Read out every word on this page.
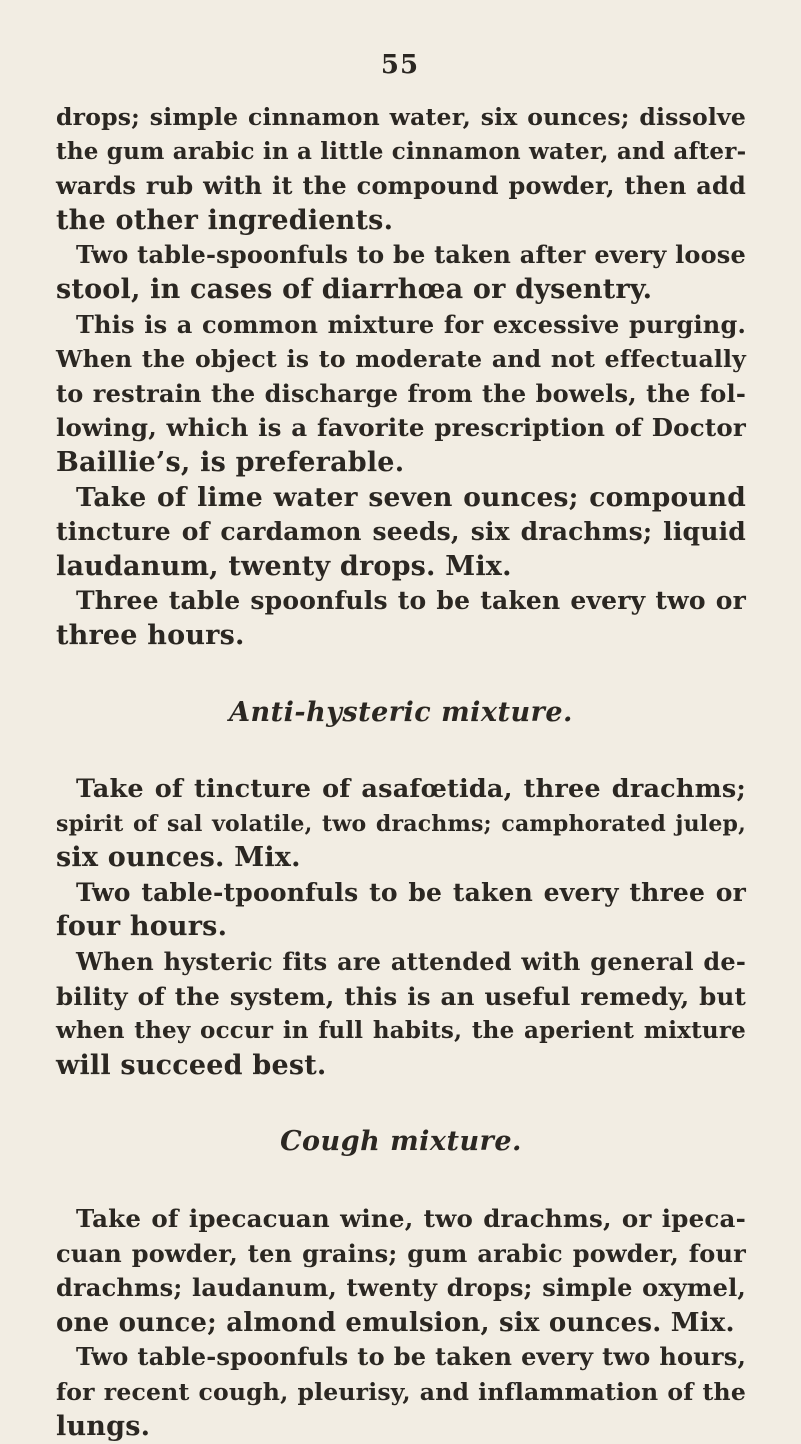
55
drops; simple cinnamon water, six ounces; dissolve
the gum arabic in a little cinnamon water, and after-
wards rub with it the compound powder, then add
the other ingredients.
Two table-spoonfuls to be taken after every loose
stool, in cases of diarrhœa or dysentry.
This is a common mixture for excessive purging.
When the object is to moderate and not effectually
to restrain the discharge from the bowels, the fol-
lowing, which is a favorite prescription of Doctor
Baillie’s, is preferable.
Take of lime water seven ounces; compound
tincture of cardamon seeds, six drachms; liquid
laudanum, twenty drops. Mix.
Three table spoonfuls to be taken every two or
three hours.
Anti-hysteric mixture.
Take of tincture of asafœtida, three drachms;
spirit of sal volatile, two drachms; camphorated julep,
six ounces. Mix.
Two table-tpoonfuls to be taken every three or
four hours.
When hysteric fits are attended with general de-
bility of the system, this is an useful remedy, but
when they occur in full habits, the aperient mixture
will succeed best.
Cough mixture.
Take of ipecacuan wine, two drachms, or ipeca-
cuan powder, ten grains; gum arabic powder, four
drachms; laudanum, twenty drops; simple oxymel,
one ounce; almond emulsion, six ounces. Mix.
Two table-spoonfuls to be taken every two hours,
for recent cough, pleurisy, and inflammation of the
lungs.
